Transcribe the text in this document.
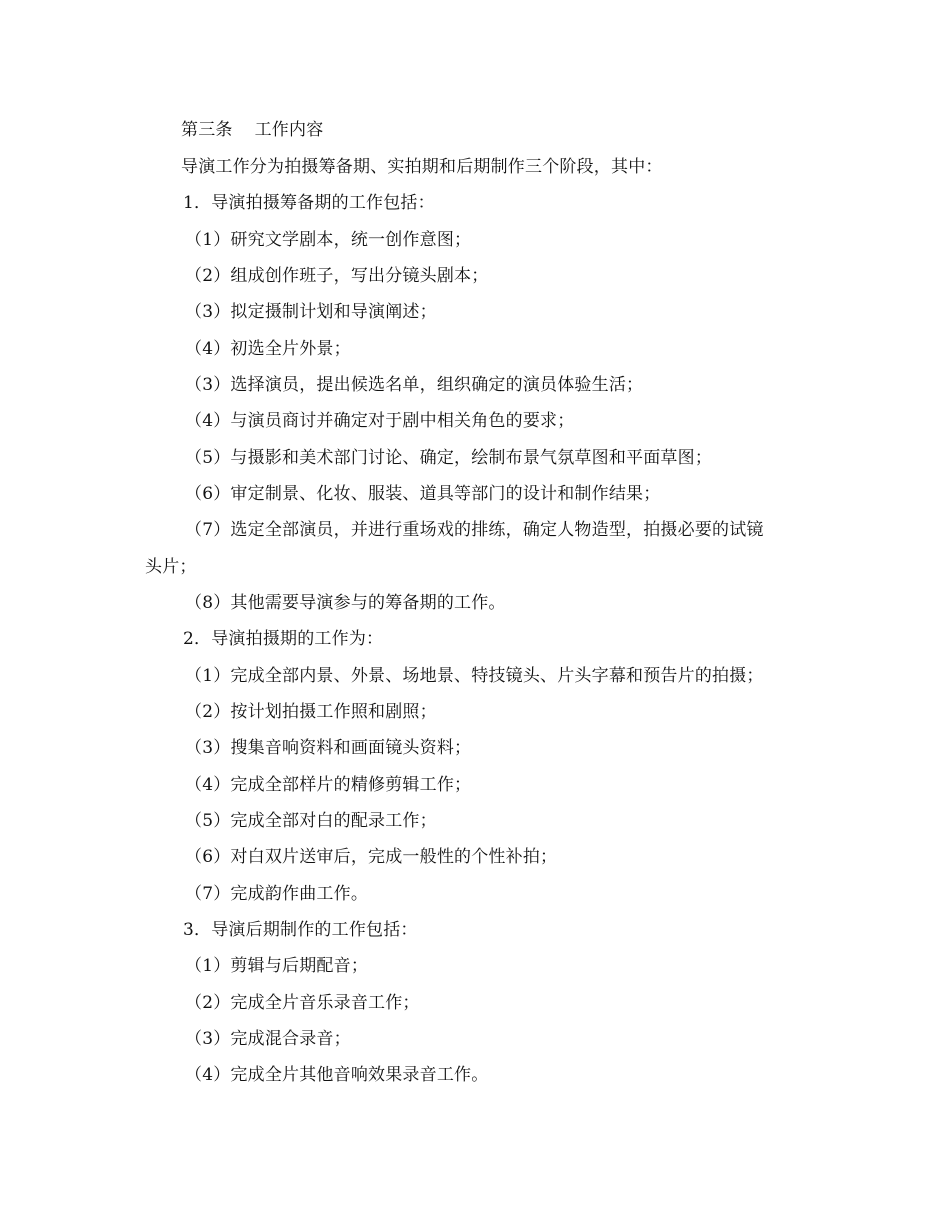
第三条 工作内容
导演工作分为拍摄筹备期、实拍期和后期制作三个阶段，其中：
1．导演拍摄筹备期的工作包括：
（1）研究文学剧本，统一创作意图；
（2）组成创作班子，写出分镜头剧本；
（3）拟定摄制计划和导演阐述；
（4）初选全片外景；
（3）选择演员，提出候选名单，组织确定的演员体验生活；
（4）与演员商讨并确定对于剧中相关角色的要求；
（5）与摄影和美术部门讨论、确定，绘制布景气氛草图和平面草图；
（6）审定制景、化妆、服装、道具等部门的设计和制作结果；
（7）选定全部演员，并进行重场戏的排练，确定人物造型，拍摄必要的试镜
头片；
（8）其他需要导演参与的筹备期的工作。
2．导演拍摄期的工作为：
（1）完成全部内景、外景、场地景、特技镜头、片头字幕和预告片的拍摄；
（2）按计划拍摄工作照和剧照；
（3）搜集音响资料和画面镜头资料；
（4）完成全部样片的精修剪辑工作；
（5）完成全部对白的配录工作；
（6）对白双片送审后，完成一般性的个性补拍；
（7）完成韵作曲工作。
3．导演后期制作的工作包括：
（1）剪辑与后期配音；
（2）完成全片音乐录音工作；
（3）完成混合录音；
（4）完成全片其他音响效果录音工作。
